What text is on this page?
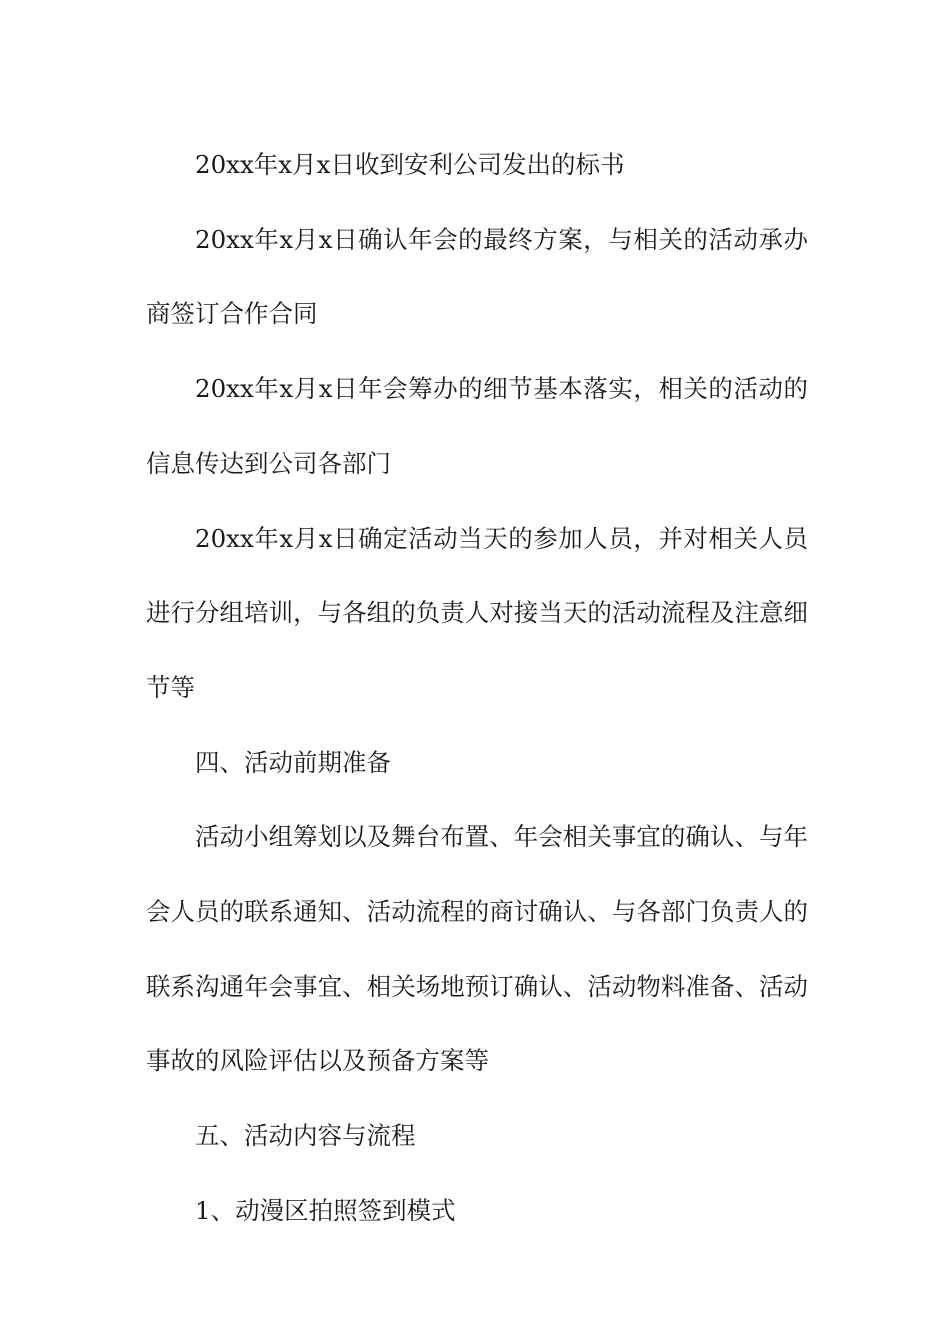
20xx年x月x日收到安利公司发出的标书

20xx年x月x日确认年会的最终方案，与相关的活动承办商签订合作合同

20xx年x月x日年会筹办的细节基本落实，相关的活动的信息传达到公司各部门

20xx年x月x日确定活动当天的参加人员，并对相关人员进行分组培训，与各组的负责人对接当天的活动流程及注意细节等

四、活动前期准备

活动小组筹划以及舞台布置、年会相关事宜的确认、与年会人员的联系通知、活动流程的商讨确认、与各部门负责人的联系沟通年会事宜、相关场地预订确认、活动物料准备、活动事故的风险评估以及预备方案等

五、活动内容与流程

1、动漫区拍照签到模式
